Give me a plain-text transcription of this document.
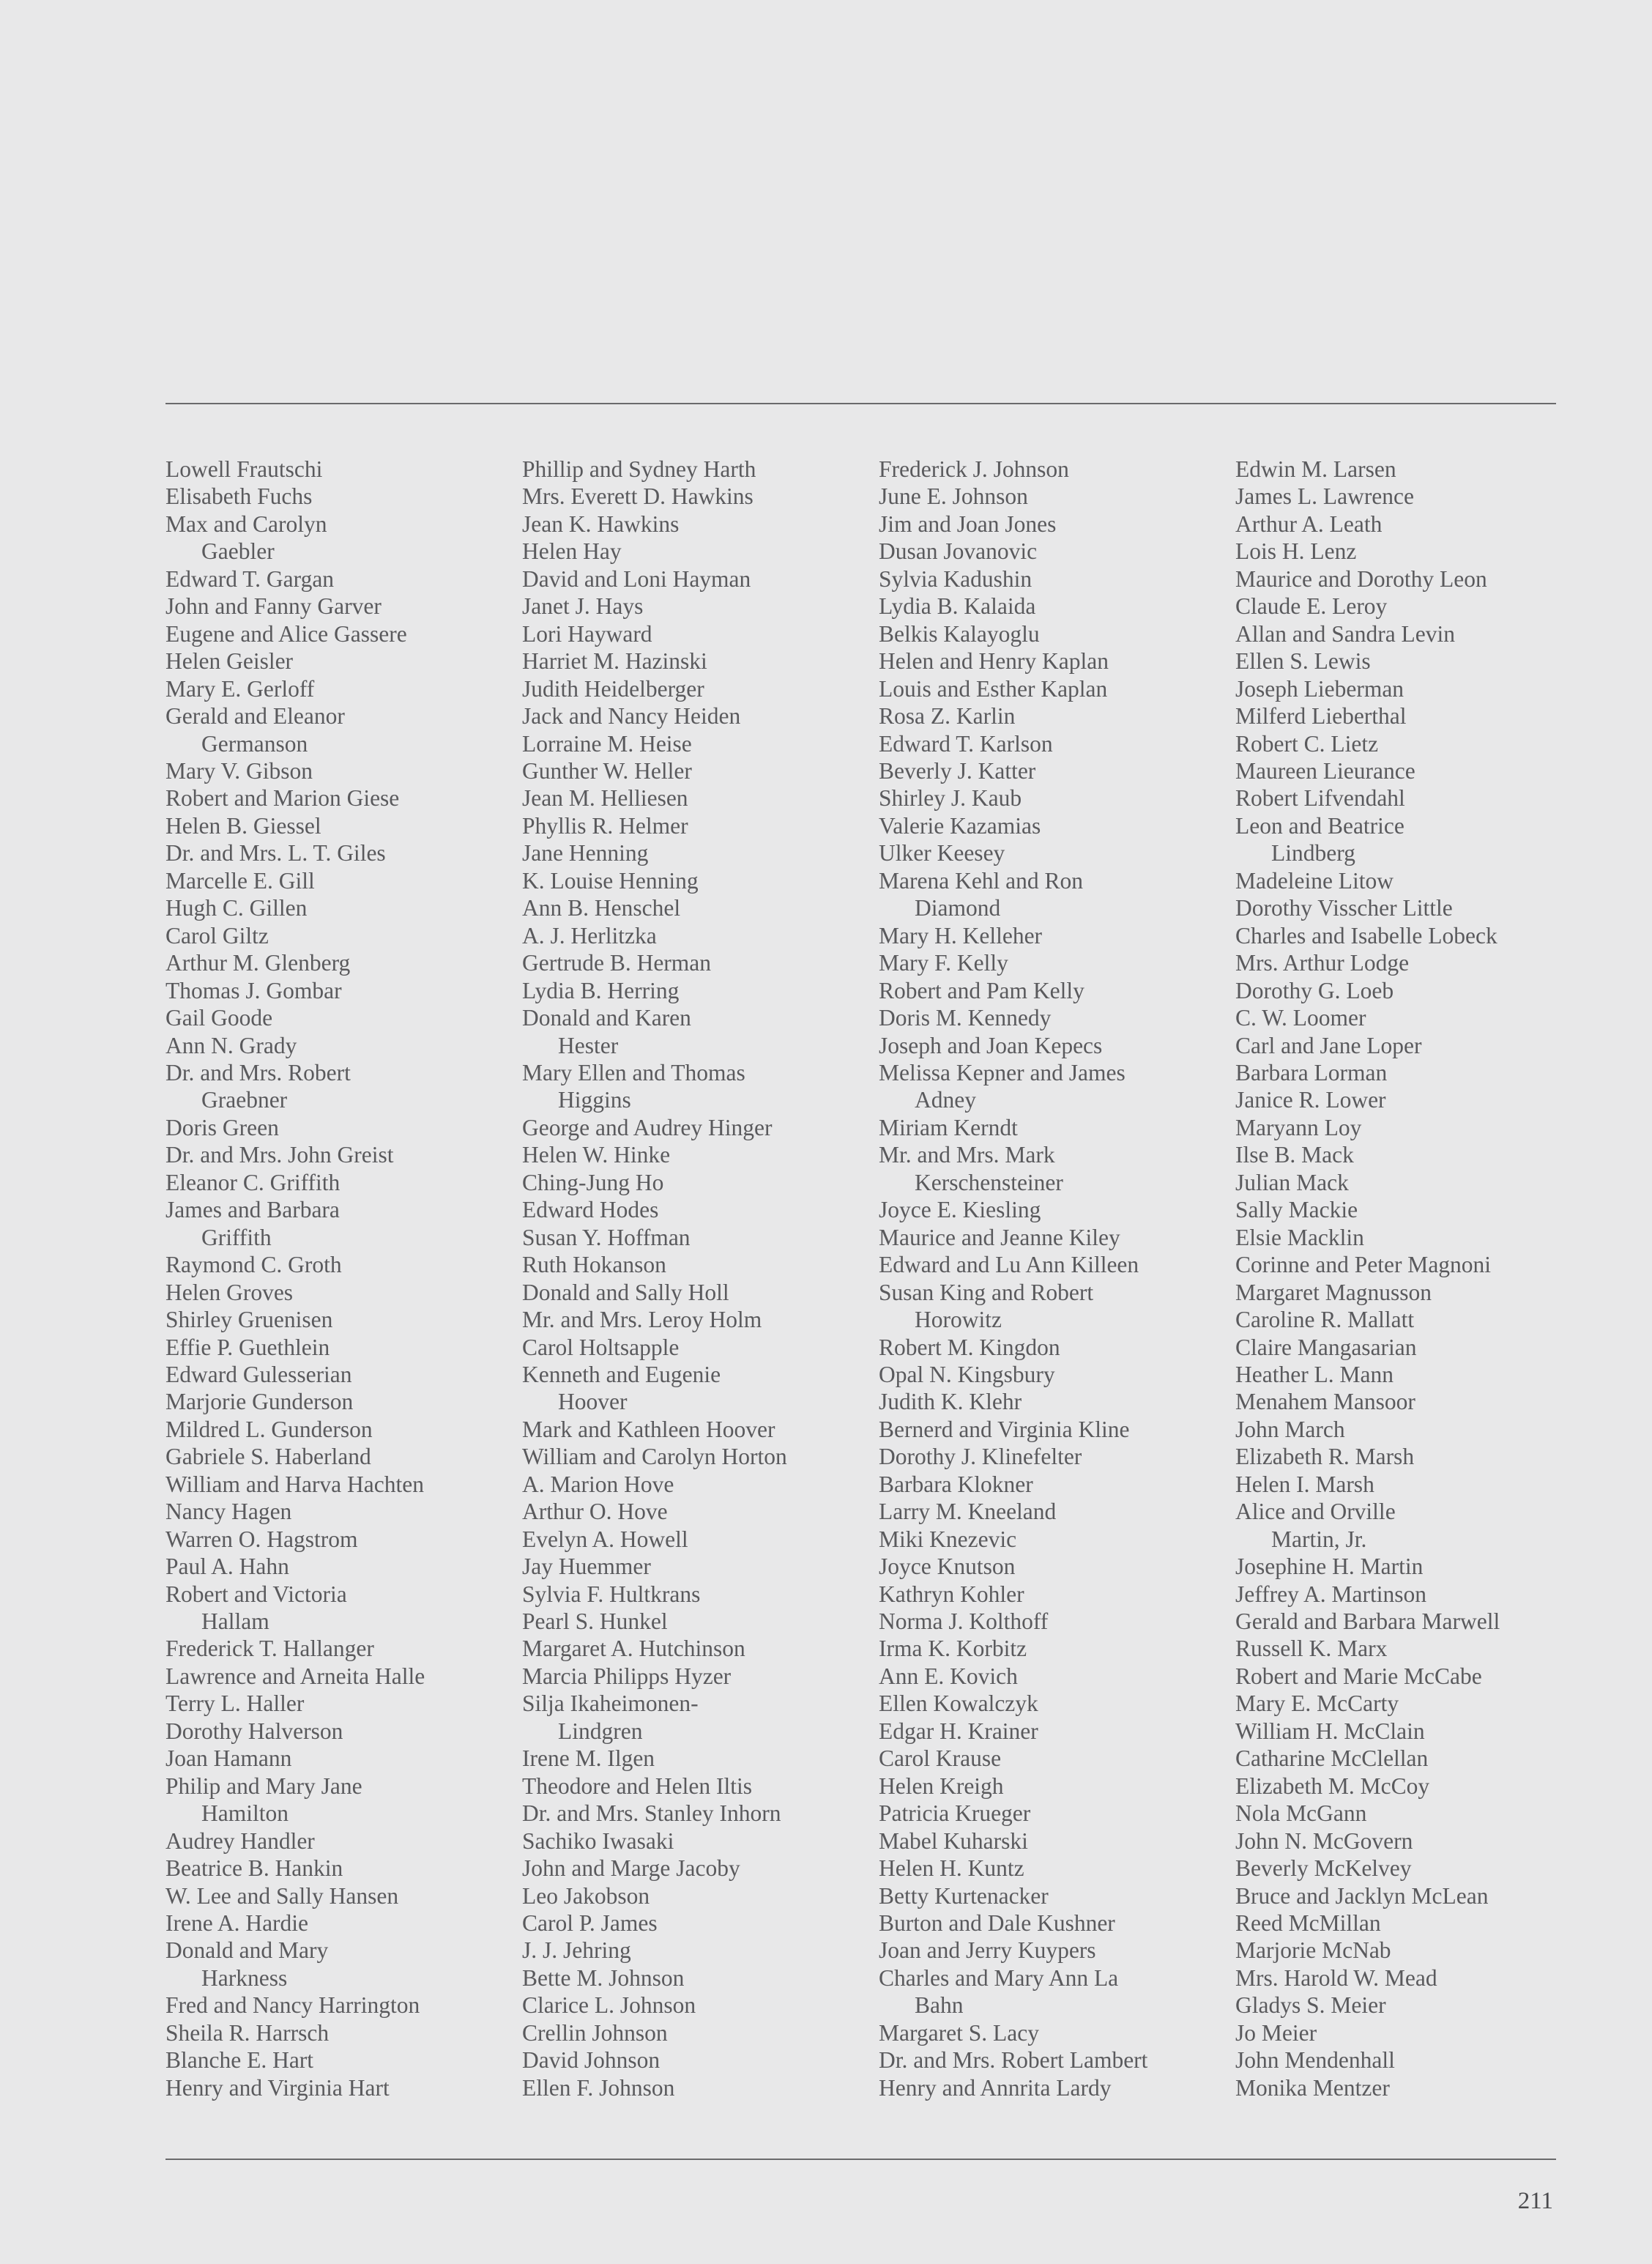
Lowell Frautschi
Elisabeth Fuchs
Max and Carolyn
Gaebler
Edward T. Gargan
John and Fanny Garver
Eugene and Alice Gassere
Helen Geisler
Mary E. Gerloff
Gerald and Eleanor
Germanson
Mary V. Gibson
Robert and Marion Giese
Helen B. Giessel
Dr. and Mrs. L. T. Giles
Marcelle E. Gill
Hugh C. Gillen
Carol Giltz
Arthur M. Glenberg
Thomas J. Gombar
Gail Goode
Ann N. Grady
Dr. and Mrs. Robert
Graebner
Doris Green
Dr. and Mrs. John Greist
Eleanor C. Griffith
James and Barbara
Griffith
Raymond C. Groth
Helen Groves
Shirley Gruenisen
Effie P. Guethlein
Edward Gulesserian
Marjorie Gunderson
Mildred L. Gunderson
Gabriele S. Haberland
William and Harva Hachten
Nancy Hagen
Warren O. Hagstrom
Paul A. Hahn
Robert and Victoria
Hallam
Frederick T. Hallanger
Lawrence and Arneita Halle
Terry L. Haller
Dorothy Halverson
Joan Hamann
Philip and Mary Jane
Hamilton
Audrey Handler
Beatrice B. Hankin
W. Lee and Sally Hansen
Irene A. Hardie
Donald and Mary
Harkness
Fred and Nancy Harrington
Sheila R. Harrsch
Blanche E. Hart
Henry and Virginia Hart
Phillip and Sydney Harth
Mrs. Everett D. Hawkins
Jean K. Hawkins
Helen Hay
David and Loni Hayman
Janet J. Hays
Lori Hayward
Harriet M. Hazinski
Judith Heidelberger
Jack and Nancy Heiden
Lorraine M. Heise
Gunther W. Heller
Jean M. Helliesen
Phyllis R. Helmer
Jane Henning
K. Louise Henning
Ann B. Henschel
A. J. Herlitzka
Gertrude B. Herman
Lydia B. Herring
Donald and Karen
Hester
Mary Ellen and Thomas
Higgins
George and Audrey Hinger
Helen W. Hinke
Ching-Jung Ho
Edward Hodes
Susan Y. Hoffman
Ruth Hokanson
Donald and Sally Holl
Mr. and Mrs. Leroy Holm
Carol Holtsapple
Kenneth and Eugenie
Hoover
Mark and Kathleen Hoover
William and Carolyn Horton
A. Marion Hove
Arthur O. Hove
Evelyn A. Howell
Jay Huemmer
Sylvia F. Hultkrans
Pearl S. Hunkel
Margaret A. Hutchinson
Marcia Philipps Hyzer
Silja Ikaheimonen-
Lindgren
Irene M. Ilgen
Theodore and Helen Iltis
Dr. and Mrs. Stanley Inhorn
Sachiko Iwasaki
John and Marge Jacoby
Leo Jakobson
Carol P. James
J. J. Jehring
Bette M. Johnson
Clarice L. Johnson
Crellin Johnson
David Johnson
Ellen F. Johnson
Frederick J. Johnson
June E. Johnson
Jim and Joan Jones
Dusan Jovanovic
Sylvia Kadushin
Lydia B. Kalaida
Belkis Kalayoglu
Helen and Henry Kaplan
Louis and Esther Kaplan
Rosa Z. Karlin
Edward T. Karlson
Beverly J. Katter
Shirley J. Kaub
Valerie Kazamias
Ulker Keesey
Marena Kehl and Ron
Diamond
Mary H. Kelleher
Mary F. Kelly
Robert and Pam Kelly
Doris M. Kennedy
Joseph and Joan Kepecs
Melissa Kepner and James
Adney
Miriam Kerndt
Mr. and Mrs. Mark
Kerschensteiner
Joyce E. Kiesling
Maurice and Jeanne Kiley
Edward and Lu Ann Killeen
Susan King and Robert
Horowitz
Robert M. Kingdon
Opal N. Kingsbury
Judith K. Klehr
Bernerd and Virginia Kline
Dorothy J. Klinefelter
Barbara Klokner
Larry M. Kneeland
Miki Knezevic
Joyce Knutson
Kathryn Kohler
Norma J. Kolthoff
Irma K. Korbitz
Ann E. Kovich
Ellen Kowalczyk
Edgar H. Krainer
Carol Krause
Helen Kreigh
Patricia Krueger
Mabel Kuharski
Helen H. Kuntz
Betty Kurtenacker
Burton and Dale Kushner
Joan and Jerry Kuypers
Charles and Mary Ann La
Bahn
Margaret S. Lacy
Dr. and Mrs. Robert Lambert
Henry and Annrita Lardy
Edwin M. Larsen
James L. Lawrence
Arthur A. Leath
Lois H. Lenz
Maurice and Dorothy Leon
Claude E. Leroy
Allan and Sandra Levin
Ellen S. Lewis
Joseph Lieberman
Milferd Lieberthal
Robert C. Lietz
Maureen Lieurance
Robert Lifvendahl
Leon and Beatrice
Lindberg
Madeleine Litow
Dorothy Visscher Little
Charles and Isabelle Lobeck
Mrs. Arthur Lodge
Dorothy G. Loeb
C. W. Loomer
Carl and Jane Loper
Barbara Lorman
Janice R. Lower
Maryann Loy
Ilse B. Mack
Julian Mack
Sally Mackie
Elsie Macklin
Corinne and Peter Magnoni
Margaret Magnusson
Caroline R. Mallatt
Claire Mangasarian
Heather L. Mann
Menahem Mansoor
John March
Elizabeth R. Marsh
Helen I. Marsh
Alice and Orville
Martin, Jr.
Josephine H. Martin
Jeffrey A. Martinson
Gerald and Barbara Marwell
Russell K. Marx
Robert and Marie McCabe
Mary E. McCarty
William H. McClain
Catharine McClellan
Elizabeth M. McCoy
Nola McGann
John N. McGovern
Beverly McKelvey
Bruce and Jacklyn McLean
Reed McMillan
Marjorie McNab
Mrs. Harold W. Mead
Gladys S. Meier
Jo Meier
John Mendenhall
Monika Mentzer
211
